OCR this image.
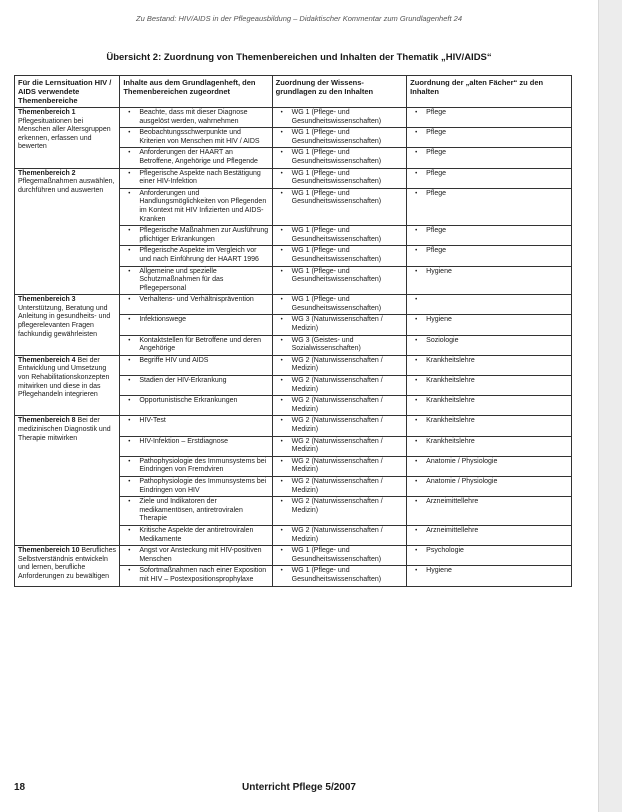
Zu Bestand: HIV/AIDS in der Pflegeausbildung – Didaktischer Kommentar zum Grundlagenheft 24
Übersicht 2: Zuordnung von Themenbereichen und Inhalten der Thematik „HIV/AIDS“
Für die Lernsituation HIV / AIDS verwendete Themenbereiche	Inhalte aus dem Grundlagenheft, den Themenbereichen zugeordnet	Zuordnung der Wissens-grundlagen zu den Inhalten	Zuordnung der „alten Fächer“ zu den Inhalten
Themenbereich 1 Pflegesituationen bei Menschen aller Altersgruppen erkennen, erfassen und bewerten	• Beachte, dass mit dieser Diagnose ausgelöst werden, wahrnehmen	• WG 1 (Pflege- und Gesundheitswissenschaften)	• Pflege

	• Beobachtungsschwerpunkte und Kriterien von Menschen mit HIV / AIDS	• WG 1 (Pflege- und Gesundheitswissenschaften)	• Pflege

	• Anforderungen der HAART an Betroffene, Angehörige und Pflegende	• WG 1 (Pflege- und Gesundheitswissenschaften)	• Pflege

Themenbereich 2 Pflegemaßnahmen auswählen, durchführen und auswerten	• Pflegerische Aspekte nach Bestätigung einer HIV-Infektion	• WG 1 (Pflege- und Gesundheitswissenschaften)	• Pflege

	• Anforderungen und Handlungsmöglichkeiten von Pflegenden im Kontext mit HIV Infizierten und AIDS-Kranken	• WG 1 (Pflege- und Gesundheitswissenschaften)	• Pflege

	• Pflegerische Maßnahmen zur Ausführung pflichtiger Erkrankungen	• WG 1 (Pflege- und Gesundheitswissenschaften)	• Pflege

	• Pflegerische Aspekte im Vergleich vor und nach Einführung der HAART 1996	• WG 1 (Pflege- und Gesundheitswissenschaften)	• Pflege

	• Allgemeine und spezielle Schutzmaßnahmen für das Pflegepersonal	• WG 1 (Pflege- und Gesundheitswissenschaften)	• Hygiene

Themenbereich 3 Unterstützung, Beratung und Anleitung in gesundheits- und pflegerelevanten Fragen fachkundig gewährleisten	• Verhaltens- und Verhältnisprävention	• WG 1 (Pflege- und Gesundheitswissenschaften)	•

	• Infektionswege	• WG 3 (Naturwissenschaften / Medizin)	• Hygiene

	• Kontaktstellen für Betroffene und deren Angehörige	• WG 3 (Geistes- und Sozialwissenschaften)	• Soziologie

Themenbereich 4 Bei der Entwicklung und Umsetzung von Rehabilitationskonzepten mitwirken und diese in das Pflegehandeln integrieren	• Begriffe HIV und AIDS	• WG 2 (Naturwissenschaften / Medizin)	• Krankheitslehre

	• Stadien der HIV-Erkrankung	• WG 2 (Naturwissenschaften / Medizin)	• Krankheitslehre

	• Opportunistische Erkrankungen	• WG 2 (Naturwissenschaften / Medizin)	• Krankheitslehre

Themenbereich 8 Bei der medizinischen Diagnostik und Therapie mitwirken	• HIV-Test	• WG 2 (Naturwissenschaften / Medizin)	• Krankheitslehre

	• HIV-Infektion – Erstdiagnose	• WG 2 (Naturwissenschaften / Medizin)	• Krankheitslehre

	• Pathophysiologie des Immunsystems bei Eindringen von Fremdviren	• WG 2 (Naturwissenschaften / Medizin)	• Anatomie / Physiologie

	• Pathophysiologie des Immunsystems bei Eindringen von HIV	• WG 2 (Naturwissenschaften / Medizin)	• Anatomie / Physiologie

	• Ziele und Indikatoren der medikamentösen, antiretroviralen Therapie	• WG 2 (Naturwissenschaften / Medizin)	• Arzneimittellehre

	• Kritische Aspekte der antiretroviralen Medikamente	• WG 2 (Naturwissenschaften / Medizin)	• Arzneimittellehre

Themenbereich 10 Berufliches Selbstverständnis entwickeln und lernen, berufliche Anforderungen zu bewältigen	• Angst vor Ansteckung mit HIV-positiven Menschen	• WG 1 (Pflege- und Gesundheitswissenschaften)	• Psychologie

	• Sofortmaßnahmen nach einer Exposition mit HIV – Postexpositionsprophylaxe	• WG 1 (Pflege- und Gesundheitswissenschaften)	• Hygiene
18	Unterricht Pflege 5/2007
